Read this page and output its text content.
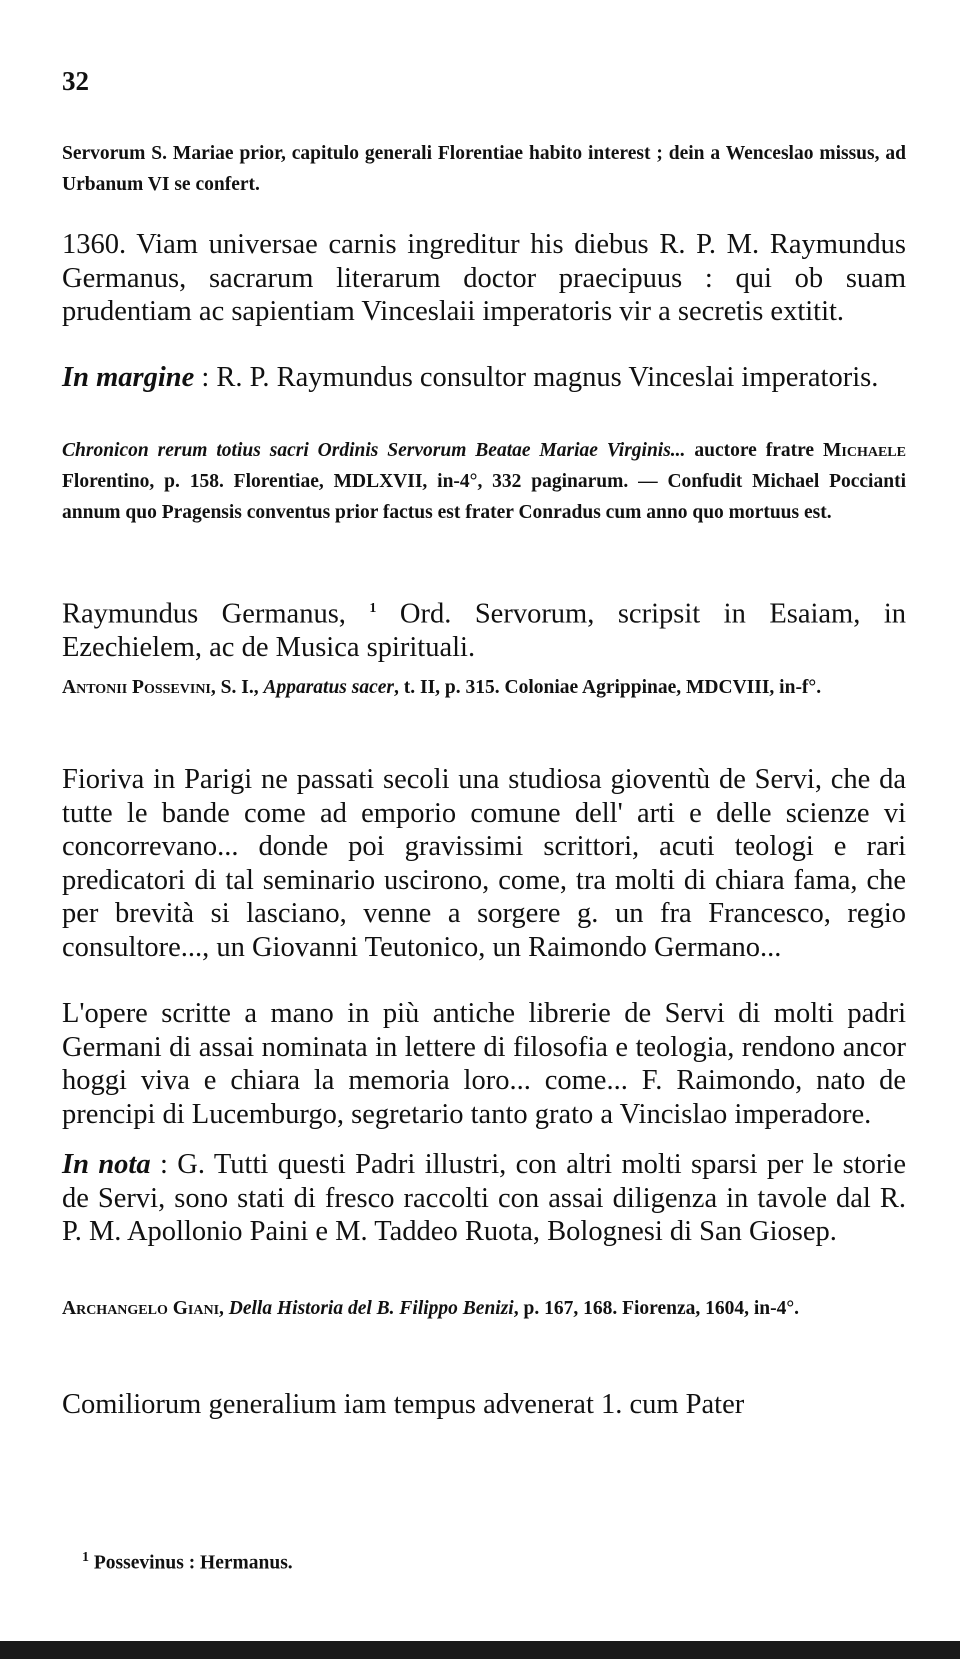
32
Servorum S. Mariae prior, capitulo generali Florentiae habito interest ; dein a Wenceslao missus, ad Urbanum VI se confert.
1360. Viam universae carnis ingreditur his diebus R. P. M. Raymundus Germanus, sacrarum literarum doctor praecipuus : qui ob suam prudentiam ac sapientiam Vinceslaii imperatoris vir a secretis extitit.
In margine : R. P. Raymundus consultor magnus Vinceslai imperatoris.
Chronicon rerum totius sacri Ordinis Servorum Beatae Mariae Virginis... auctore fratre Michaele Florentino, p. 158. Florentiae, MDLXVII, in-4°, 332 paginarum. — Confudit Michael Poccianti annum quo Pragensis conventus prior factus est frater Conradus cum anno quo mortuus est.
Raymundus Germanus, $^1$ Ord. Servorum, scripsit in Esaiam, in Ezechielem, ac de Musica spirituali.
Antonii Possevini, S. I., Apparatus sacer, t. II, p. 315. Coloniae Agrippinae, MDCVIII, in-f°.
Fioriva in Parigi ne passati secoli una studiosa gioventù de Servi, che da tutte le bande come ad emporio comune dell' arti e delle scienze vi concorrevano... donde poi gravissimi scrittori, acuti teologi e rari predicatori di tal seminario uscirono, come, tra molti di chiara fama, che per brevità si lasciano, venne a sorgere g. un fra Francesco, regio consultore..., un Giovanni Teutonico, un Raimondo Germano...
L'opere scritte a mano in più antiche librerie de Servi di molti padri Germani di assai nominata in lettere di filosofia e teologia, rendono ancor hoggi viva e chiara la memoria loro... come... F. Raimondo, nato de prencipi di Lucemburgo, segretario tanto grato a Vincislao imperadore.
In nota : G. Tutti questi Padri illustri, con altri molti sparsi per le storie de Servi, sono stati di fresco raccolti con assai diligenza in tavole dal R. P. M. Apollonio Paini e M. Taddeo Ruota, Bolognesi di San Giosep.
Archangelo Giani, Della Historia del B. Filippo Benizi, p. 167, 168. Fiorenza, 1604, in-4°.
Comiliorum generalium iam tempus advenerat 1. cum Pater
$^1$ Possevinus : Hermanus.
